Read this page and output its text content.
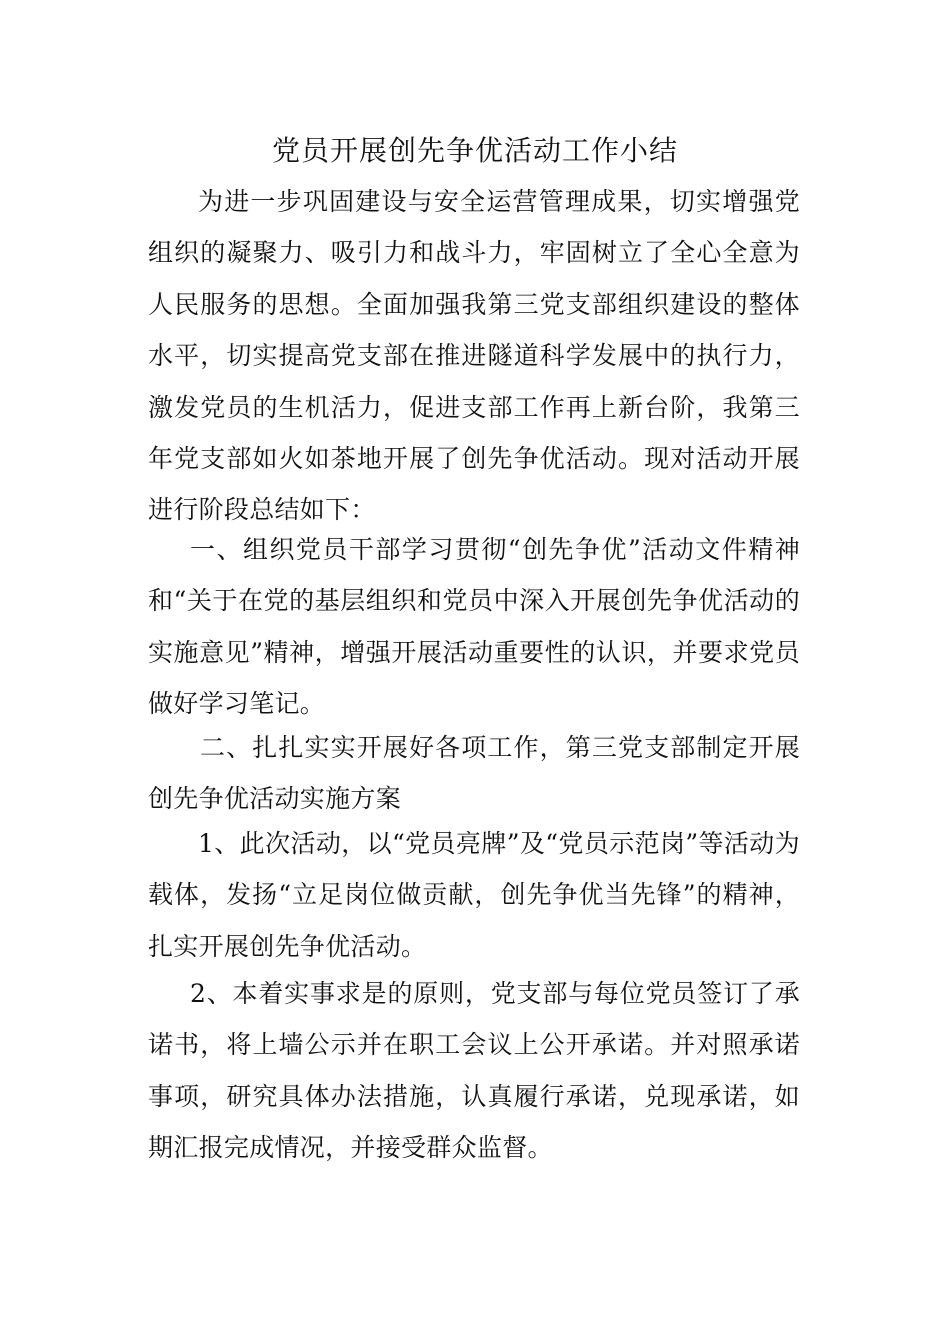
党员开展创先争优活动工作小结

为进一步巩固建设与安全运营管理成果，切实增强党组织的凝聚力、吸引力和战斗力，牢固树立了全心全意为人民服务的思想。全面加强我第三党支部组织建设的整体水平，切实提高党支部在推进隧道科学发展中的执行力，激发党员的生机活力，促进支部工作再上新台阶，我第三年党支部如火如茶地开展了创先争优活动。现对活动开展进行阶段总结如下：

一、组织党员干部学习贯彻“创先争优”活动文件精神和“关于在党的基层组织和党员中深入开展创先争优活动的实施意见”精神，增强开展活动重要性的认识，并要求党员做好学习笔记。

二、扎扎实实开展好各项工作，第三党支部制定开展创先争优活动实施方案

1、此次活动，以“党员亮牌”及“党员示范岗”等活动为载体，发扬“立足岗位做贡献，创先争优当先锋”的精神，扎实开展创先争优活动。

2、本着实事求是的原则，党支部与每位党员签订了承诺书，将上墙公示并在职工会议上公开承诺。并对照承诺事项，研究具体办法措施，认真履行承诺，兑现承诺，如期汇报完成情况，并接受群众监督。
